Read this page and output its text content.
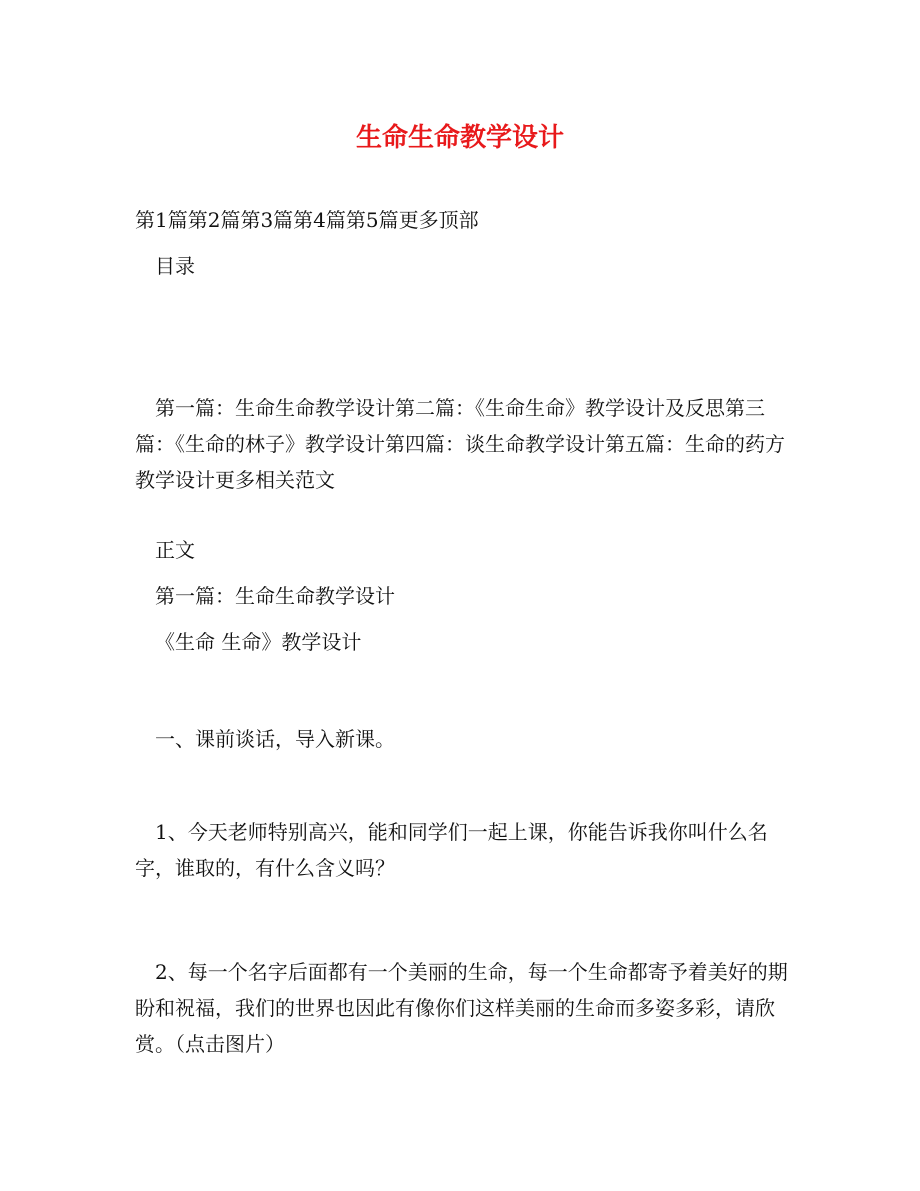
生命生命教学设计
第1篇第2篇第3篇第4篇第5篇更多顶部
目录
第一篇：生命生命教学设计第二篇：《生命生命》教学设计及反思第三篇：《生命的林子》教学设计第四篇：谈生命教学设计第五篇：生命的药方教学设计更多相关范文
正文
第一篇：生命生命教学设计
《生命 生命》教学设计
一、课前谈话，导入新课。
1、今天老师特别高兴，能和同学们一起上课，你能告诉我你叫什么名字，谁取的，有什么含义吗？
2、每一个名字后面都有一个美丽的生命，每一个生命都寄予着美好的期盼和祝福，我们的世界也因此有像你们这样美丽的生命而多姿多彩，请欣赏。（点击图片）
